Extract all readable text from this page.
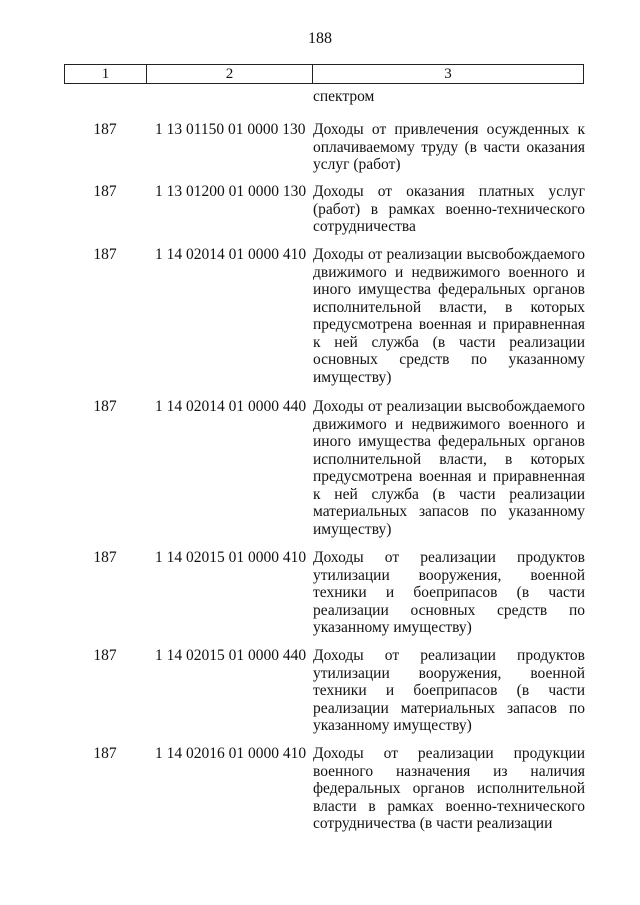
188
1	2	3
спектром
187	1 13 01150 01 0000 130 Доходы от привлечения осужденных к оплачиваемому труду (в части оказания услуг (работ)
187	1 13 01200 01 0000 130 Доходы от оказания платных услуг (работ) в рамках военно-технического сотрудничества
187	1 14 02014 01 0000 410 Доходы от реализации высвобождаемого движимого и недвижимого военного и иного имущества федеральных органов исполнительной власти, в которых предусмотрена военная и приравненная к ней служба (в части реализации основных средств по указанному имуществу)
187	1 14 02014 01 0000 440 Доходы от реализации высвобождаемого движимого и недвижимого военного и иного имущества федеральных органов исполнительной власти, в которых предусмотрена военная и приравненная к ней служба (в части реализации материальных запасов по указанному имуществу)
187	1 14 02015 01 0000 410 Доходы от реализации продуктов утилизации вооружения, военной техники и боеприпасов (в части реализации основных средств по указанному имуществу)
187	1 14 02015 01 0000 440 Доходы от реализации продуктов утилизации вооружения, военной техники и боеприпасов (в части реализации материальных запасов по указанному имуществу)
187	1 14 02016 01 0000 410 Доходы от реализации продукции военного назначения из наличия федеральных органов исполнительной власти в рамках военно-технического сотрудничества (в части реализации
